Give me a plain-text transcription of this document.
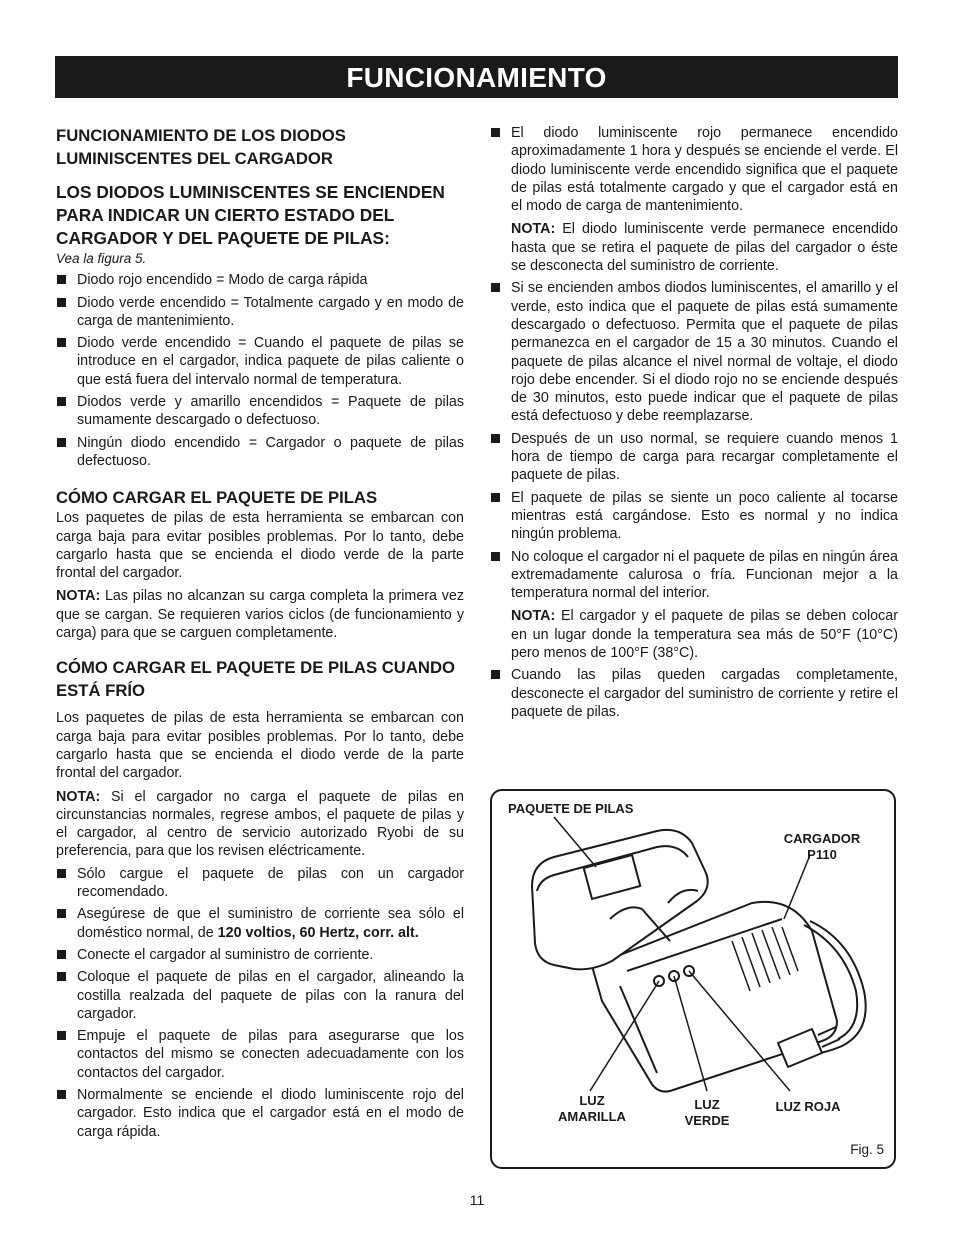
FUNCIONAMIENTO
FUNCIONAMIENTO DE LOS DIODOS LUMINISCENTES DEL CARGADOR
LOS DIODOS LUMINISCENTES SE ENCIENDEN PARA INDICAR UN CIERTO ESTADO DEL CARGADOR Y DEL PAQUETE DE PILAS:
Vea la figura 5.
Diodo rojo encendido = Modo de carga rápida
Diodo verde encendido = Totalmente cargado y en modo de carga de mantenimiento.
Diodo verde encendido = Cuando el paquete de pilas se introduce en el cargador, indica paquete de pilas caliente o que está fuera del intervalo normal de temperatura.
Diodos verde y amarillo encendidos = Paquete de pilas sumamente descargado o defectuoso.
Ningún diodo encendido = Cargador o paquete de pilas defectuoso.
CÓMO CARGAR EL PAQUETE DE PILAS

Los paquetes de pilas de esta herramienta se embarcan con carga baja para evitar posibles problemas. Por lo tanto, debe cargarlo hasta que se encienda el diodo verde de la parte frontal del cargador.

NOTA: Las pilas no alcanzan su carga completa la primera vez que se cargan. Se requieren varios ciclos (de funcionamiento y carga) para que se carguen completamente.

CÓMO CARGAR EL PAQUETE DE PILAS CUANDO ESTÁ FRÍO

Los paquetes de pilas de esta herramienta se embarcan con carga baja para evitar posibles problemas. Por lo tanto, debe cargarlo hasta que se encienda el diodo verde de la parte frontal del cargador.

NOTA: Si el cargador no carga el paquete de pilas en circunstancias normales, regrese ambos, el paquete de pilas y el cargador, al centro de servicio autorizado Ryobi de su preferencia, para que los revisen eléctricamente.

Sólo cargue el paquete de pilas con un cargador recomendado.
Asegúrese de que el suministro de corriente sea sólo el doméstico normal, de 120 voltios, 60 Hertz, corr. alt.
Conecte el cargador al suministro de corriente.
Coloque el paquete de pilas en el cargador, alineando la costilla realzada del paquete de pilas con la ranura del cargador.
Empuje el paquete de pilas para asegurarse que los contactos del mismo se conecten adecuadamente con los contactos del cargador.
Normalmente se enciende el diodo luminiscente rojo del cargador. Esto indica que el cargador está en el modo de carga rápida.
El diodo luminiscente rojo permanece encendido aproximadamente 1 hora y después se enciende el verde. El diodo luminiscente verde encendido significa que el paquete de pilas está totalmente cargado y que el cargador está en el modo de carga de mantenimiento.

NOTA: El diodo luminiscente verde permanece encendido hasta que se retira el paquete de pilas del cargador o éste se desconecta del suministro de corriente.

Si se encienden ambos diodos luminiscentes, el amarillo y el verde, esto indica que el paquete de pilas está sumamente descargado o defectuoso. Permita que el paquete de pilas permanezca en el cargador de 15 a 30 minutos. Cuando el paquete de pilas alcance el nivel normal de voltaje, el diodo rojo debe encender. Si el diodo rojo no se enciende después de 30 minutos, esto puede indicar que el paquete de pilas está defectuoso y debe reemplazarse.
Después de un uso normal, se requiere cuando menos 1 hora de tiempo de carga para recargar completamente el paquete de pilas.
El paquete de pilas se siente un poco caliente al tocarse mientras está cargándose. Esto es normal y no indica ningún problema.
No coloque el cargador ni el paquete de pilas en ningún área extremadamente calurosa o fría. Funcionan mejor a la temperatura normal del interior.

NOTA: El cargador y el paquete de pilas se deben colocar en un lugar donde la temperatura sea más de 50°F (10°C) pero menos de 100°F (38°C).

Cuando las pilas queden cargadas completamente, desconecte el cargador del suministro de corriente y retire el paquete de pilas.
PAQUETE DE PILAS
CARGADOR
P110
LUZ
AMARILLA
LUZ
VERDE
LUZ ROJA
Fig. 5
11
